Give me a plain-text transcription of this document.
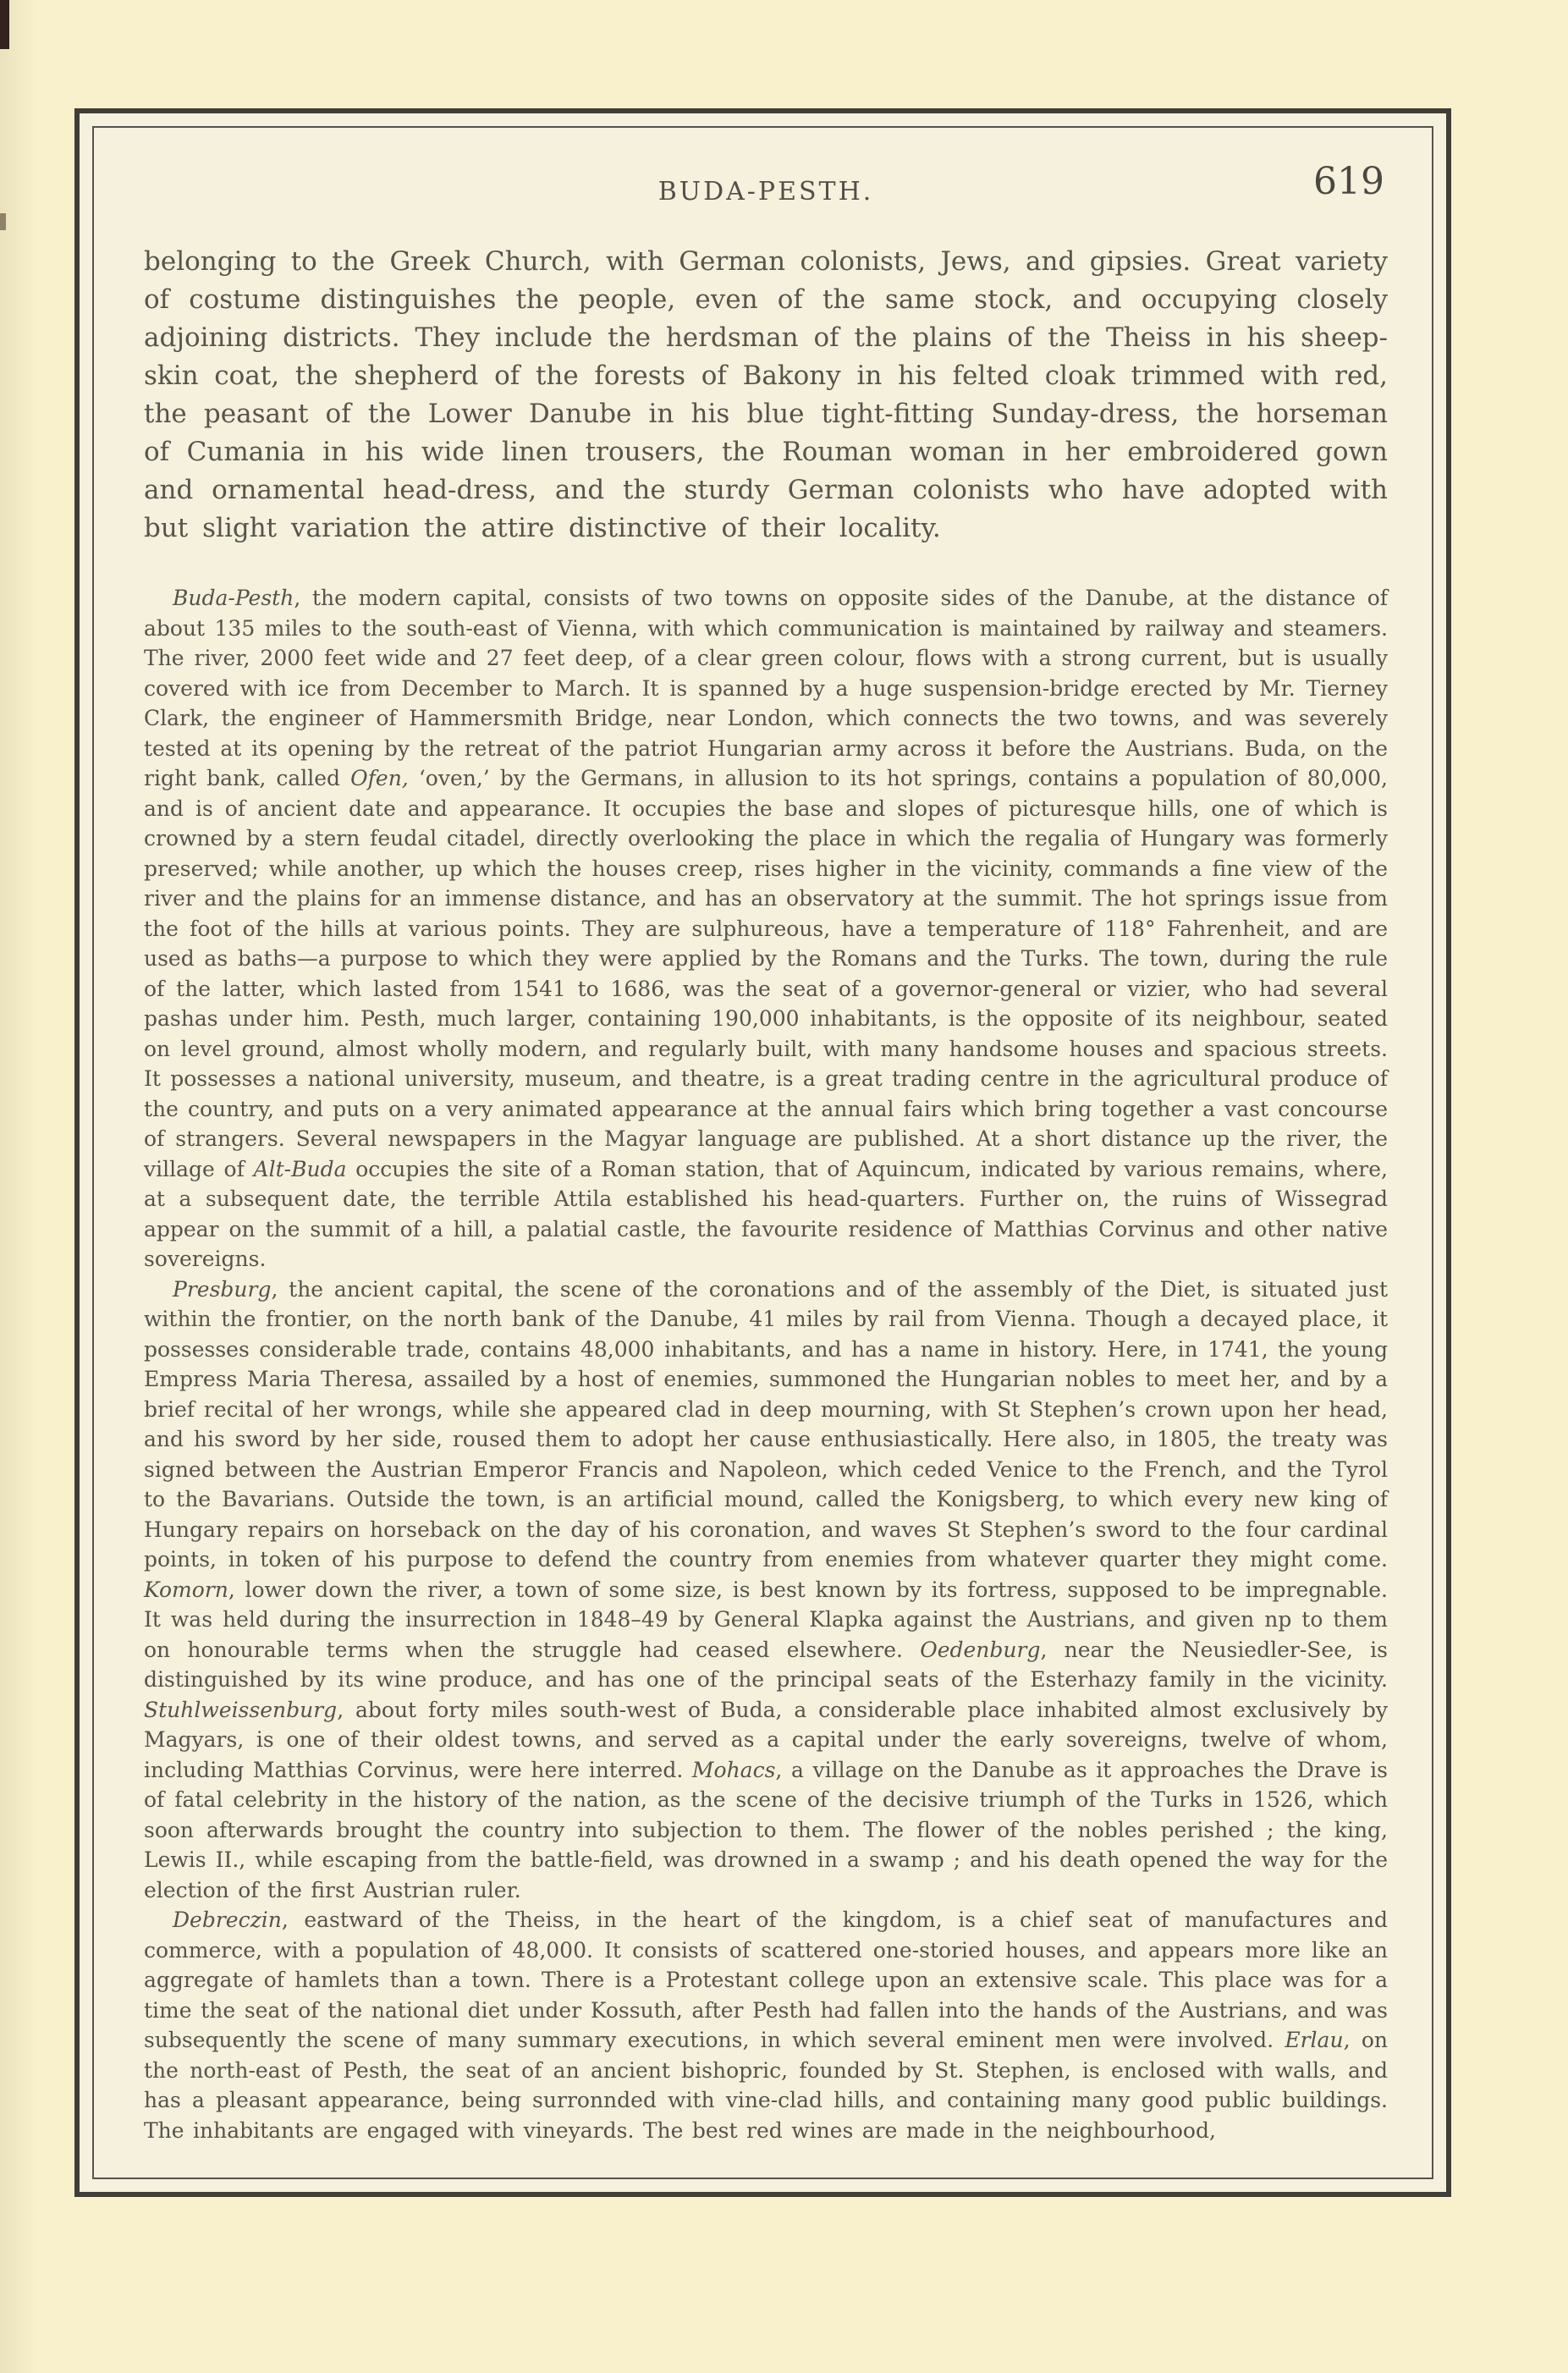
BUDA-PESTH.	619

belonging to the Greek Church, with German colonists, Jews, and gipsies. Great variety of costume distinguishes the people, even of the same stock, and occupying closely adjoining districts. They include the herdsman of the plains of the Theiss in his sheep-skin coat, the shepherd of the forests of Bakony in his felted cloak trimmed with red, the peasant of the Lower Danube in his blue tight-fitting Sunday-dress, the horseman of Cumania in his wide linen trousers, the Rouman woman in her embroidered gown and ornamental head-dress, and the sturdy German colonists who have adopted with but slight variation the attire distinctive of their locality.

Buda-Pesth, the modern capital, consists of two towns on opposite sides of the Danube, at the distance of about 135 miles to the south-east of Vienna, with which communication is maintained by railway and steamers. The river, 2000 feet wide and 27 feet deep, of a clear green colour, flows with a strong current, but is usually covered with ice from December to March. It is spanned by a huge suspension-bridge erected by Mr. Tierney Clark, the engineer of Hammersmith Bridge, near London, which connects the two towns, and was severely tested at its opening by the retreat of the patriot Hungarian army across it before the Austrians. Buda, on the right bank, called Ofen, ‘oven,’ by the Germans, in allusion to its hot springs, contains a population of 80,000, and is of ancient date and appearance. It occupies the base and slopes of picturesque hills, one of which is crowned by a stern feudal citadel, directly overlooking the place in which the regalia of Hungary was formerly preserved; while another, up which the houses creep, rises higher in the vicinity, commands a fine view of the river and the plains for an immense distance, and has an observatory at the summit. The hot springs issue from the foot of the hills at various points. They are sulphureous, have a temperature of 118° Fahrenheit, and are used as baths—a purpose to which they were applied by the Romans and the Turks. The town, during the rule of the latter, which lasted from 1541 to 1686, was the seat of a governor-general or vizier, who had several pashas under him. Pesth, much larger, containing 190,000 inhabitants, is the opposite of its neighbour, seated on level ground, almost wholly modern, and regularly built, with many handsome houses and spacious streets. It possesses a national university, museum, and theatre, is a great trading centre in the agricultural produce of the country, and puts on a very animated appearance at the annual fairs which bring together a vast concourse of strangers. Several newspapers in the Magyar language are published. At a short distance up the river, the village of Alt-Buda occupies the site of a Roman station, that of Aquincum, indicated by various remains, where, at a subsequent date, the terrible Attila established his head-quarters. Further on, the ruins of Wissegrad appear on the summit of a hill, a palatial castle, the favourite residence of Matthias Corvinus and other native sovereigns.

Presburg, the ancient capital, the scene of the coronations and of the assembly of the Diet, is situated just within the frontier, on the north bank of the Danube, 41 miles by rail from Vienna. Though a decayed place, it possesses considerable trade, contains 48,000 inhabitants, and has a name in history. Here, in 1741, the young Empress Maria Theresa, assailed by a host of enemies, summoned the Hungarian nobles to meet her, and by a brief recital of her wrongs, while she appeared clad in deep mourning, with St Stephen’s crown upon her head, and his sword by her side, roused them to adopt her cause enthusiastically. Here also, in 1805, the treaty was signed between the Austrian Emperor Francis and Napoleon, which ceded Venice to the French, and the Tyrol to the Bavarians. Outside the town, is an artificial mound, called the Konigsberg, to which every new king of Hungary repairs on horseback on the day of his coronation, and waves St Stephen’s sword to the four cardinal points, in token of his purpose to defend the country from enemies from whatever quarter they might come. Komorn, lower down the river, a town of some size, is best known by its fortress, supposed to be impregnable. It was held during the insurrection in 1848–49 by General Klapka against the Austrians, and given np to them on honourable terms when the struggle had ceased elsewhere. Oedenburg, near the Neusiedler-See, is distinguished by its wine produce, and has one of the principal seats of the Esterhazy family in the vicinity. Stuhlweissenburg, about forty miles south-west of Buda, a considerable place inhabited almost exclusively by Magyars, is one of their oldest towns, and served as a capital under the early sovereigns, twelve of whom, including Matthias Corvinus, were here interred. Mohacs, a village on the Danube as it approaches the Drave is of fatal celebrity in the history of the nation, as the scene of the decisive triumph of the Turks in 1526, which soon afterwards brought the country into subjection to them. The flower of the nobles perished ; the king, Lewis II., while escaping from the battle-field, was drowned in a swamp ; and his death opened the way for the election of the first Austrian ruler.

Debreczin, eastward of the Theiss, in the heart of the kingdom, is a chief seat of manufactures and commerce, with a population of 48,000. It consists of scattered one-storied houses, and appears more like an aggregate of hamlets than a town. There is a Protestant college upon an extensive scale. This place was for a time the seat of the national diet under Kossuth, after Pesth had fallen into the hands of the Austrians, and was subsequently the scene of many summary executions, in which several eminent men were involved. Erlau, on the north-east of Pesth, the seat of an ancient bishopric, founded by St. Stephen, is enclosed with walls, and has a pleasant appearance, being surronnded with vine-clad hills, and containing many good public buildings. The inhabitants are engaged with vineyards. The best red wines are made in the neighbourhood,
